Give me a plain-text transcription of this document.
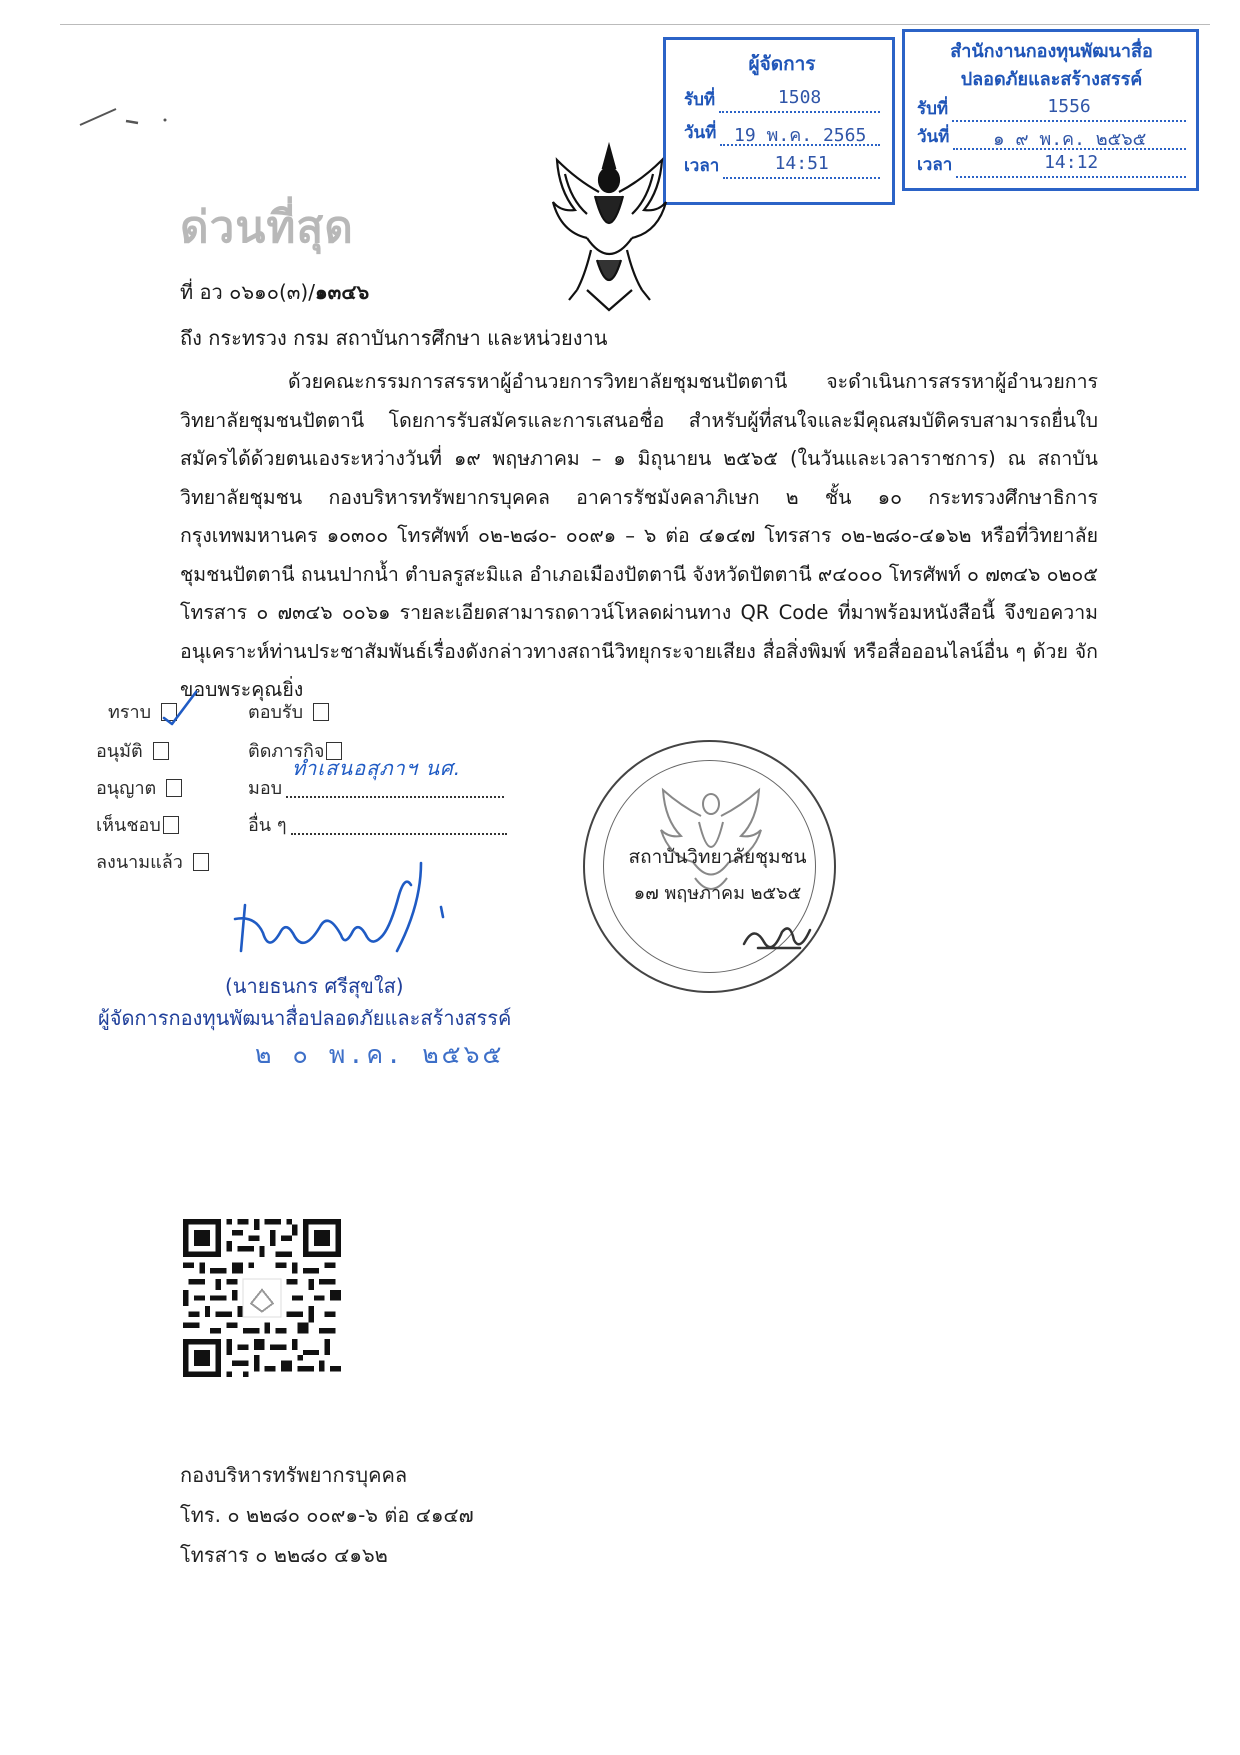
ผู้จัดการ
รับที่	1508
วันที่ 19 พ.ค. 2565
เวลา	14:51
สำนักงานกองทุนพัฒนาสื่อ
ปลอดภัยและสร้างสรรค์
รับที่	1556
วันที่	๑ ๙ พ.ค. ๒๕๖๕
เวลา	14:12
ด่วนที่สุด
ที่ อว ๐๖๑๐(๓)/๑๓๔๖
ถึง กระทรวง กรม สถาบันการศึกษา และหน่วยงาน
ด้วยคณะกรรมการสรรหาผู้อำนวยการวิทยาลัยชุมชนปัตตานี จะดำเนินการสรรหาผู้อำนวยการวิทยาลัยชุมชนปัตตานี โดยการรับสมัครและการเสนอชื่อ สำหรับผู้ที่สนใจและมีคุณสมบัติครบสามารถยื่นใบสมัครได้ด้วยตนเองระหว่างวันที่ ๑๙ พฤษภาคม – ๑ มิถุนายน ๒๕๖๕ (ในวันและเวลาราชการ) ณ สถาบันวิทยาลัยชุมชน กองบริหารทรัพยากรบุคคล อาคารรัชมังคลาภิเษก ๒ ชั้น ๑๐ กระทรวงศึกษาธิการ กรุงเทพมหานคร ๑๐๓๐๐ โทรศัพท์ ๐๒-๒๘๐- ๐๐๙๑ – ๖ ต่อ ๔๑๔๗ โทรสาร ๐๒-๒๘๐-๔๑๖๒ หรือที่วิทยาลัยชุมชนปัตตานี ถนนปากน้ำ ตำบลรูสะมิแล อำเภอเมืองปัตตานี จังหวัดปัตตานี ๙๔๐๐๐ โทรศัพท์ ๐ ๗๓๔๖ ๐๒๐๕ โทรสาร ๐ ๗๓๔๖ ๐๐๖๑ รายละเอียดสามารถดาวน์โหลดผ่านทาง QR Code ที่มาพร้อมหนังสือนี้ จึงขอความอนุเคราะห์ท่านประชาสัมพันธ์เรื่องดังกล่าวทางสถานีวิทยุกระจายเสียง สื่อสิ่งพิมพ์ หรือสื่อออนไลน์อื่น ๆ ด้วย จักขอบพระคุณยิ่ง
ทราบ	ตอบรับ
อนุมัติ	ติดภารกิจ
อนุญาต	มอบ
ทำเสนอสุภาฯ นศ.
เห็นชอบ	อื่น ๆ
ลงนามแล้ว	สถาบันวิทยาลัยชุมชน
๑๗ พฤษภาคม ๒๕๖๕
(นายธนกร ศรีสุขใส)
ผู้จัดการกองทุนพัฒนาสื่อปลอดภัยและสร้างสรรค์
๒ ๐ พ.ค. ๒๕๖๕
กองบริหารทรัพยากรบุคคล
โทร. ๐ ๒๒๘๐ ๐๐๙๑-๖ ต่อ ๔๑๔๗
โทรสาร ๐ ๒๒๘๐ ๔๑๖๒
